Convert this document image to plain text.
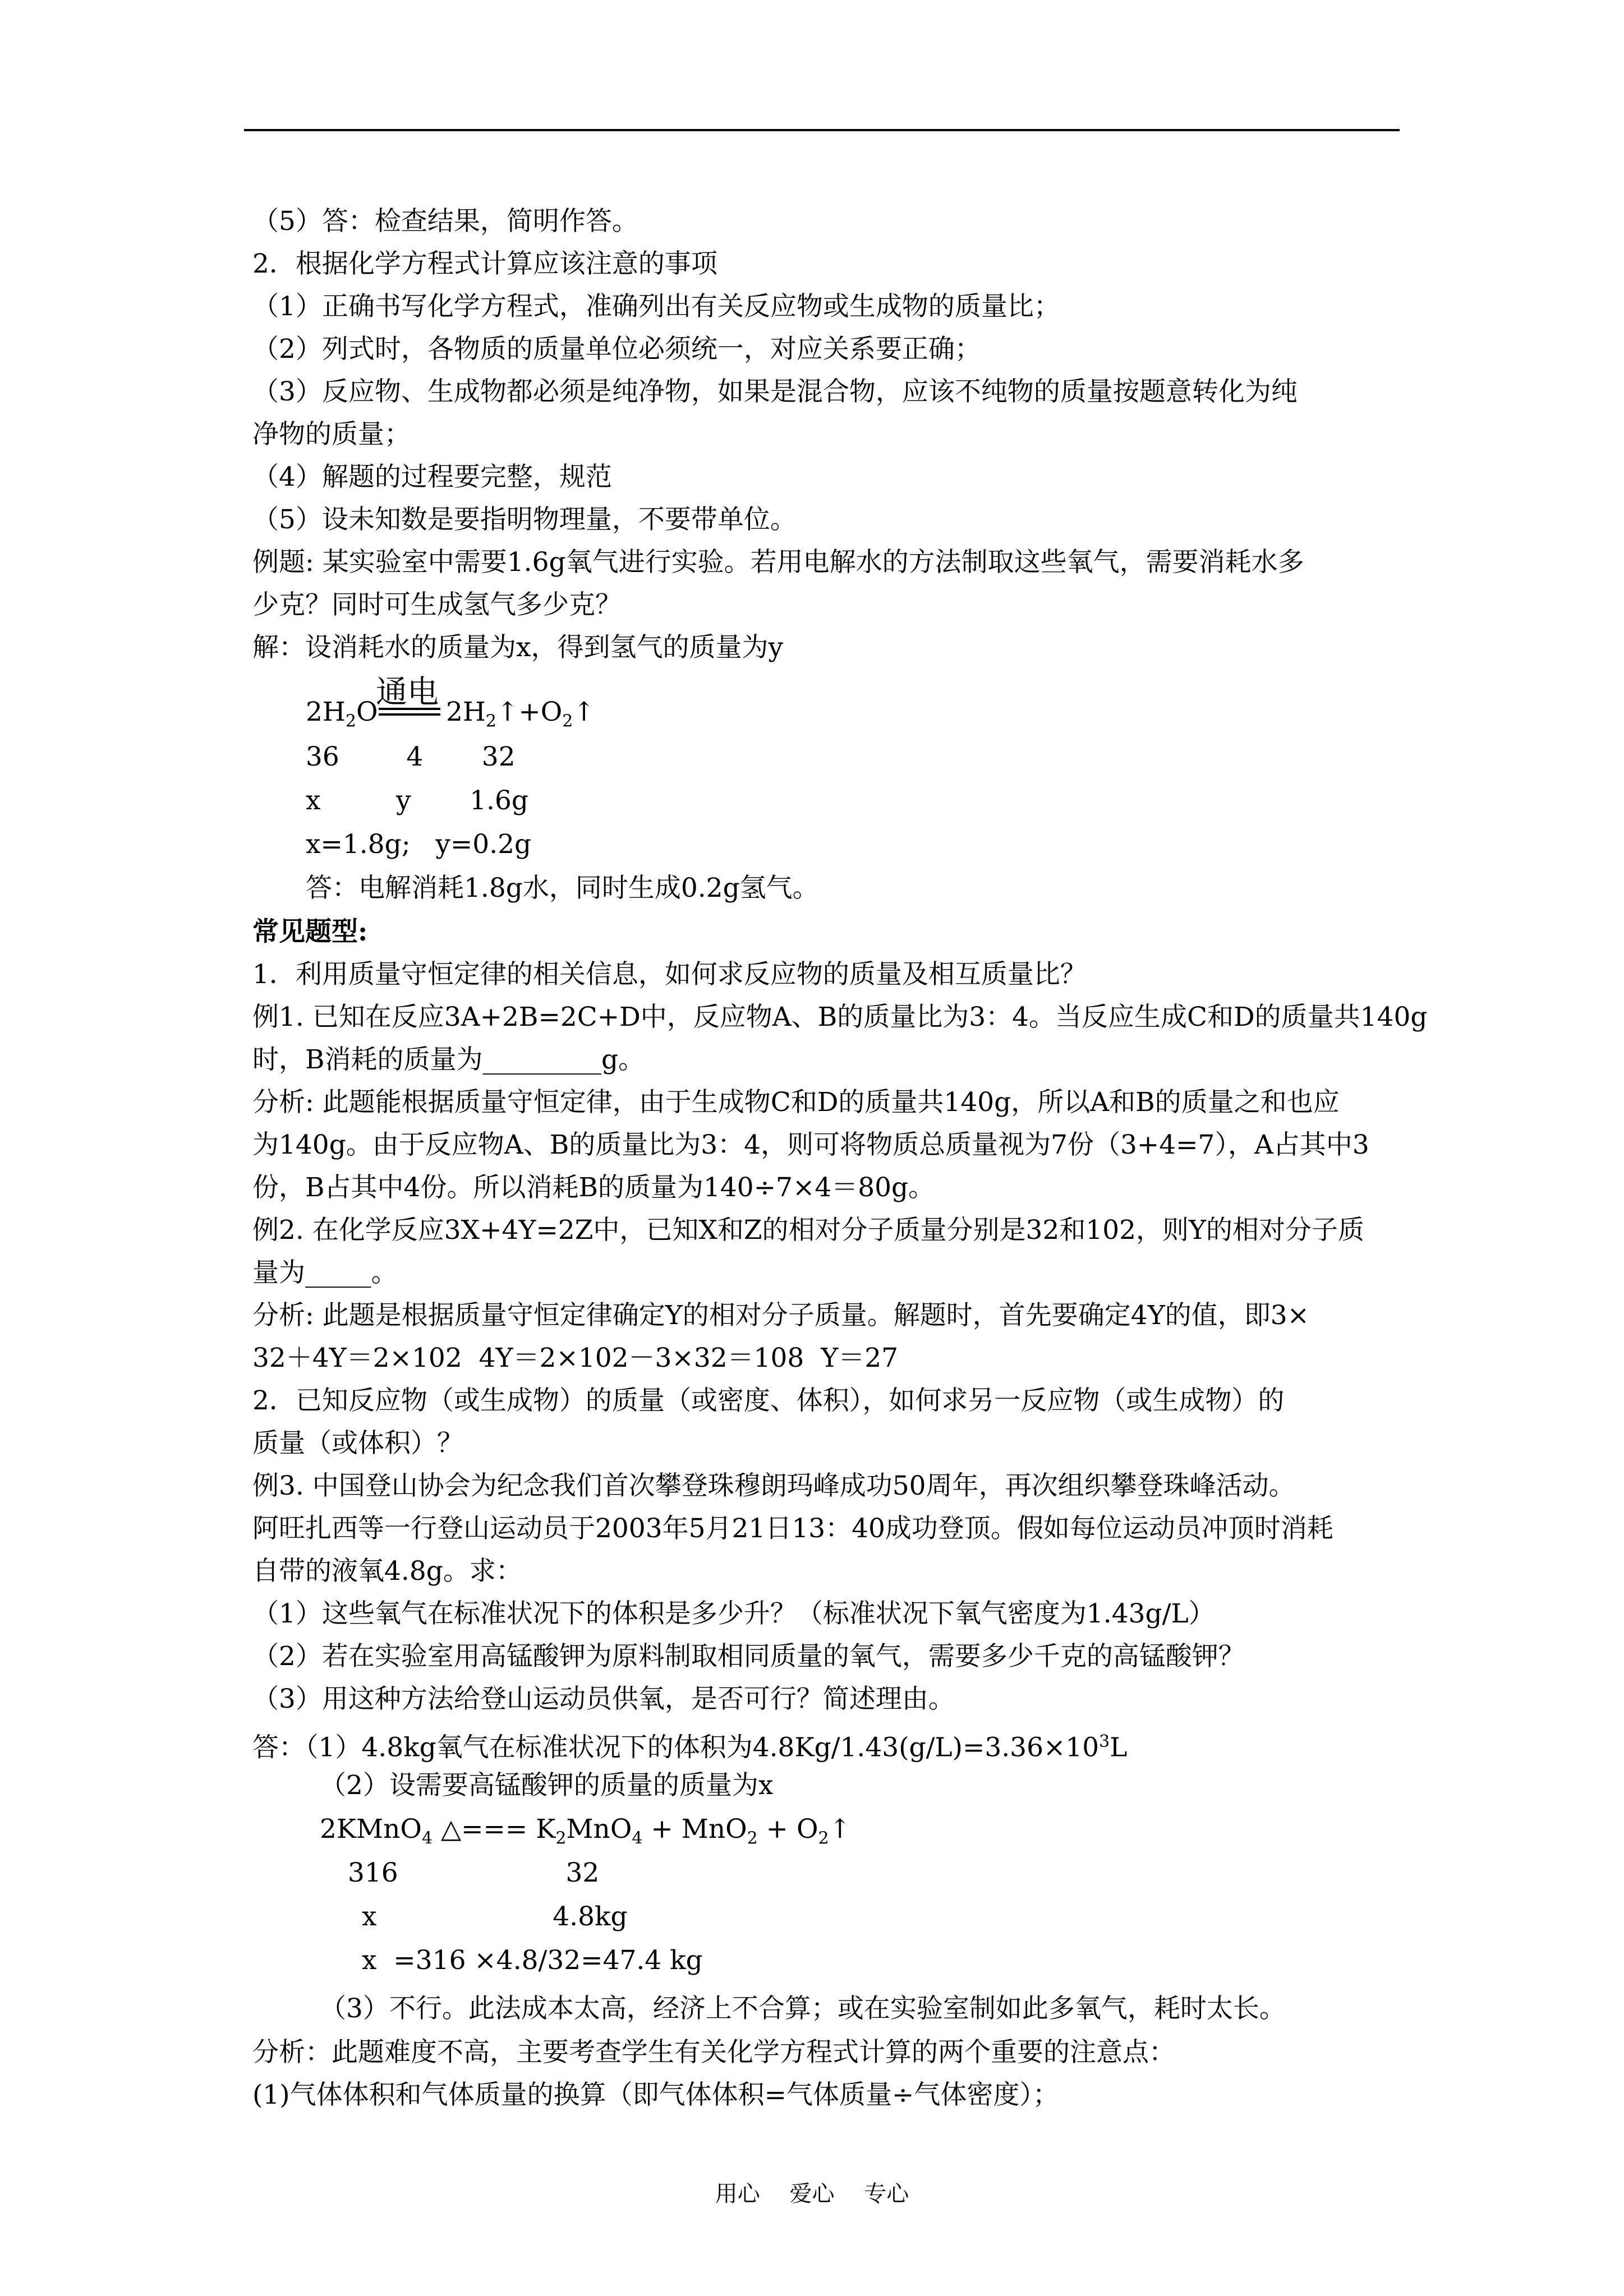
（5）答：检查结果，简明作答。
2．根据化学方程式计算应该注意的事项
（1）正确书写化学方程式，准确列出有关反应物或生成物的质量比；
（2）列式时，各物质的质量单位必须统一，对应关系要正确；
（3）反应物、生成物都必须是纯净物，如果是混合物，应该不纯物的质量按题意转化为纯
净物的质量；
（4）解题的过程要完整，规范
（5）设未知数是要指明物理量，不要带单位。
例题: 某实验室中需要1.6g氧气进行实验。若用电解水的方法制取这些氧气，需要消耗水多
少克？同时可生成氢气多少克？
解：设消耗水的质量为x，得到氢气的质量为y
通电
$2H_2O$	$2H_2↑+O_2↑$
36        4       32
x         y       1.6g
x=1.8g;   y=0.2g
答：电解消耗1.8g水，同时生成0.2g氢气。
常见题型:
1．利用质量守恒定律的相关信息，如何求反应物的质量及相互质量比？
例1. 已知在反应3A+2B=2C+D中，反应物A、B的质量比为3：4。当反应生成C和D的质量共140g
时，B消耗的质量为_________g。
分析: 此题能根据质量守恒定律，由于生成物C和D的质量共140g，所以A和B的质量之和也应
为140g。由于反应物A、B的质量比为3：4，则可将物质总质量视为7份（3+4=7），A占其中3
份，B占其中4份。所以消耗B的质量为140÷7×4＝80g。
例2. 在化学反应3X+4Y=2Z中，已知X和Z的相对分子质量分别是32和102，则Y的相对分子质
量为_____。
分析: 此题是根据质量守恒定律确定Y的相对分子质量。解题时，首先要确定4Y的值，即3×
32＋4Y＝2×102  4Y＝2×102－3×32＝108  Y＝27
2．已知反应物（或生成物）的质量（或密度、体积），如何求另一反应物（或生成物）的
质量（或体积）？
例3. 中国登山协会为纪念我们首次攀登珠穆朗玛峰成功50周年，再次组织攀登珠峰活动。
阿旺扎西等一行登山运动员于2003年5月21日13：40成功登顶。假如每位运动员冲顶时消耗
自带的液氧4.8g。求：
（1）这些氧气在标准状况下的体积是多少升？（标准状况下氧气密度为1.43g/L）
（2）若在实验室用高锰酸钾为原料制取相同质量的氧气，需要多少千克的高锰酸钾？
（3）用这种方法给登山运动员供氧，是否可行？简述理由。
答：（1）4.8kg氧气在标准状况下的体积为$4.8Kg/1.43(g/L)=3.36\times 10^3L$
（2）设需要高锰酸钾的质量的质量为x
2KMnO$_4$ △=== $K_2MnO_4 + MnO_2$ + $O_2↑$
316                    32
x                     4.8kg
x  =316 ×4.8/32=47.4 kg
（3）不行。此法成本太高，经济上不合算；或在实验室制如此多氧气，耗时太长。
分析：此题难度不高，主要考查学生有关化学方程式计算的两个重要的注意点：
(1)气体体积和气体质量的换算（即气体体积=气体质量÷气体密度）；
用心 爱心 专心
